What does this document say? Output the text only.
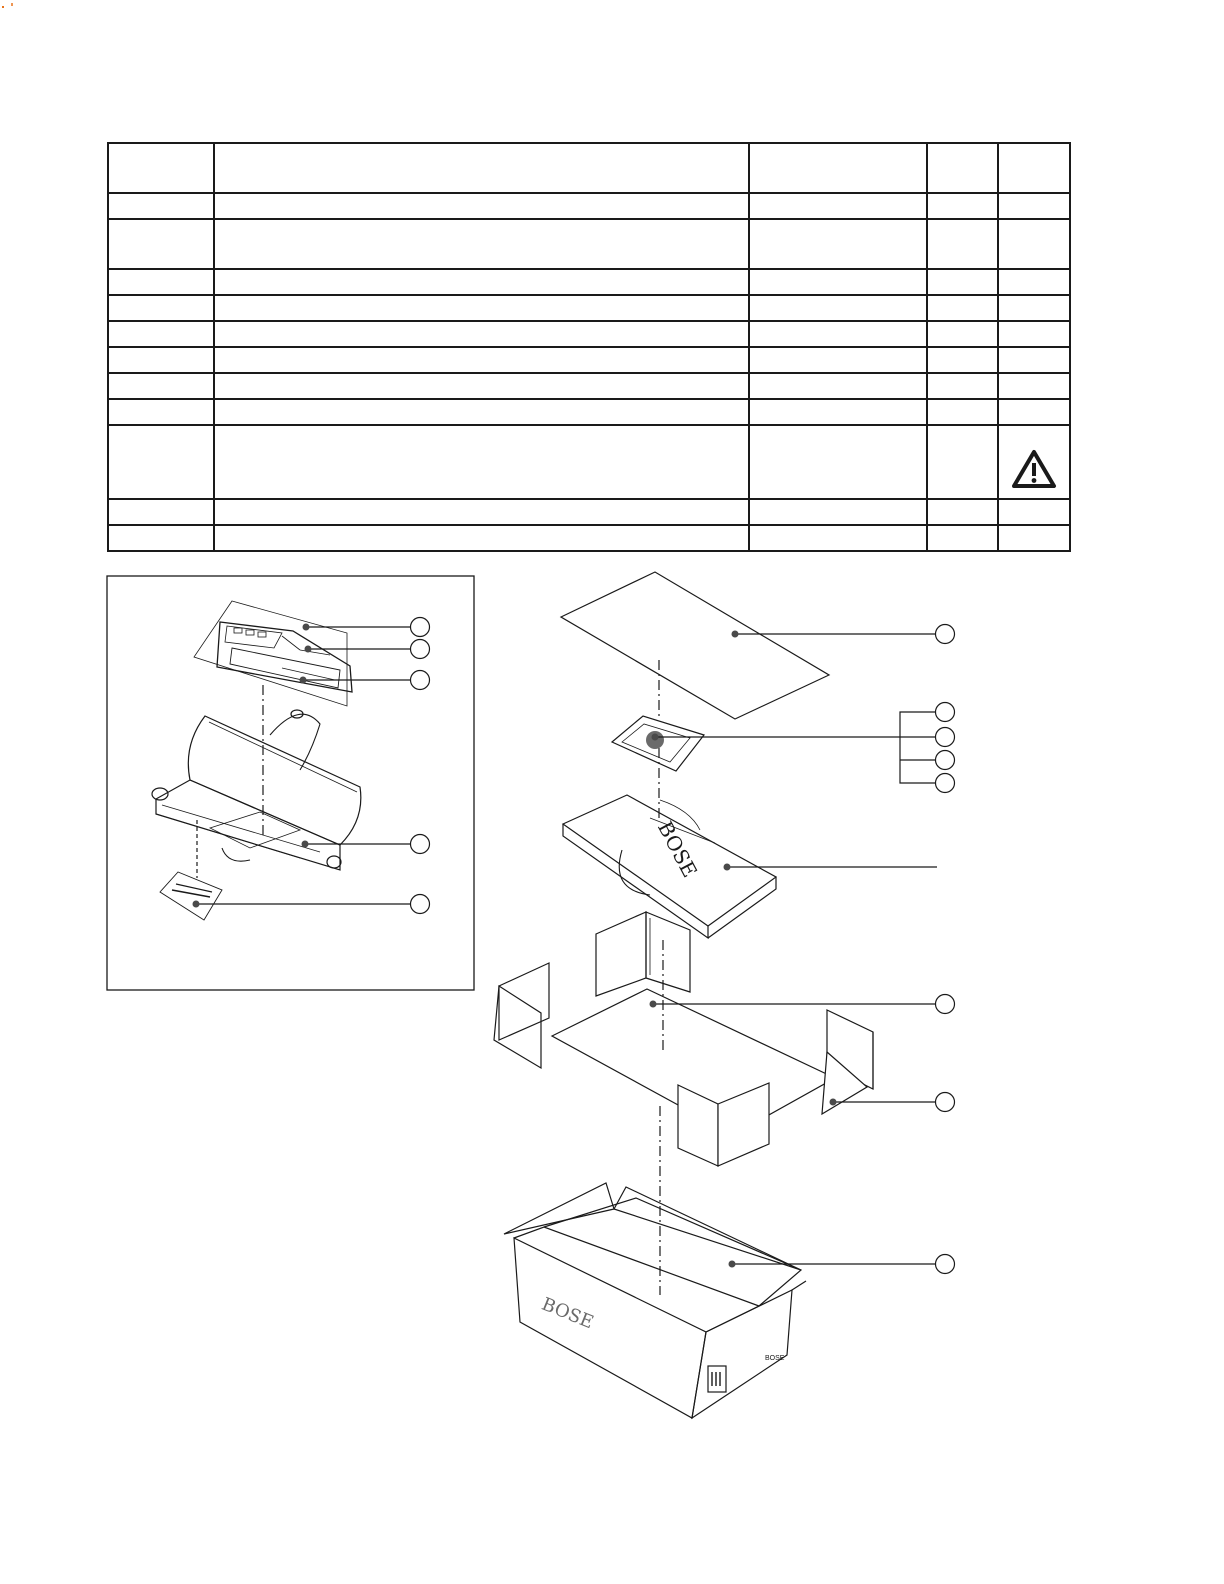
BOSE
BOSE
BOSE
